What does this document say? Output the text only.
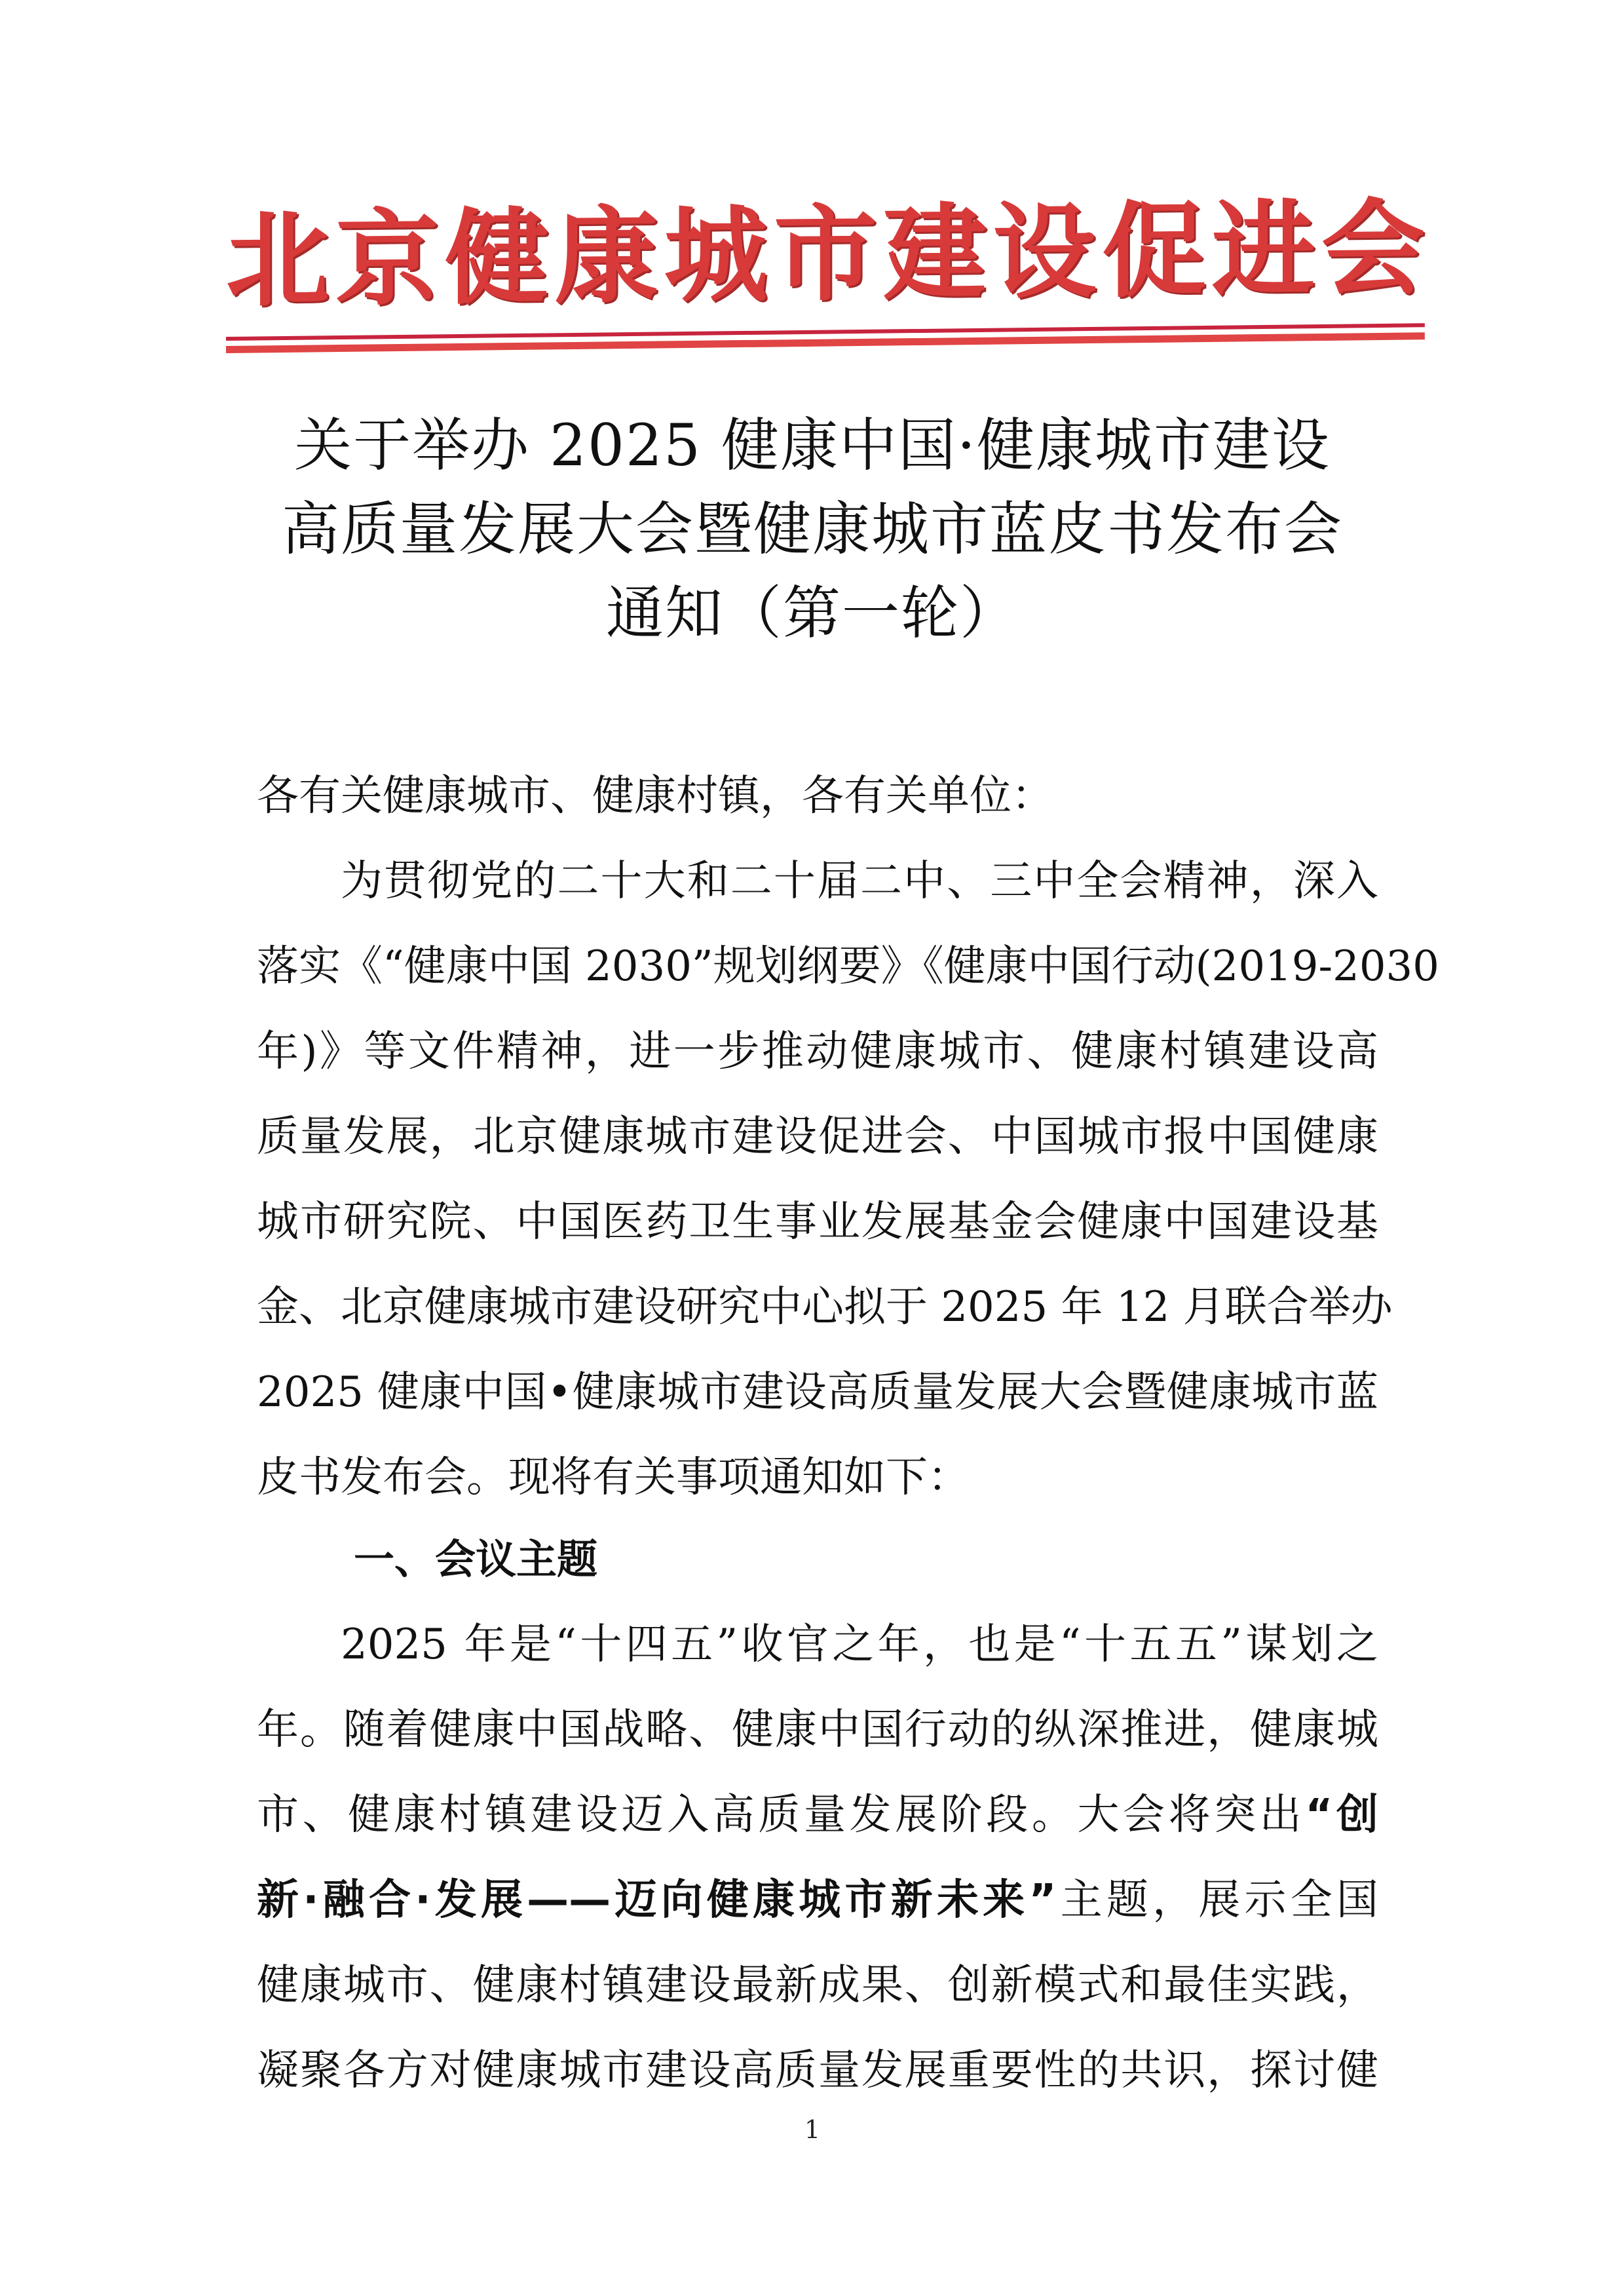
北 京 健 康 城 市 建 设 促 进 会
关于举办 2025 健康中国·健康城市建设
高质量发展大会暨健康城市蓝皮书发布会
通知（第一轮）
各有关健康城市、健康村镇，各有关单位：
为贯彻党的二十大和二十届二中、三中全会精神，深入
落实《“健康中国 2030”规划纲要》《健康中国行动(2019-2030
年)》等文件精神，进一步推动健康城市、健康村镇建设高
质量发展，北京健康城市建设促进会、中国城市报中国健康
城市研究院、中国医药卫生事业发展基金会健康中国建设基
金、北京健康城市建设研究中心拟于 2025 年 12 月联合举办
2025 健康中国•健康城市建设高质量发展大会暨健康城市蓝
皮书发布会。现将有关事项通知如下：
一、会议主题
2025 年是“十四五”收官之年，也是“十五五”谋划之
年。随着健康中国战略、健康中国行动的纵深推进，健康城
市、健康村镇建设迈入高质量发展阶段。大会将突出“创
新·融合·发展——迈向健康城市新未来”主题，展示全国
健康城市、健康村镇建设最新成果、创新模式和最佳实践，
凝聚各方对健康城市建设高质量发展重要性的共识，探讨健
1
